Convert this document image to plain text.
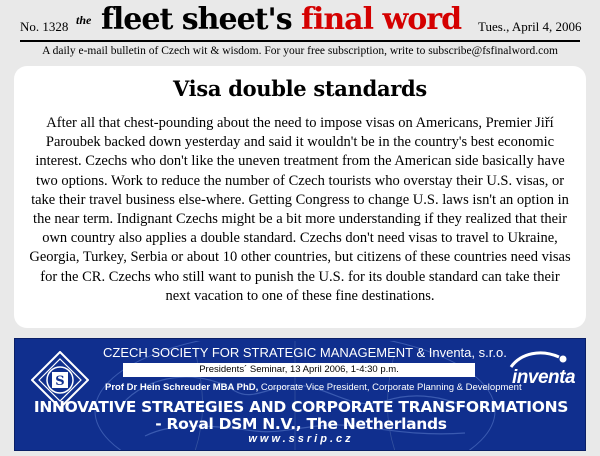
No. 1328 the fleet sheet's final word Tues., April 4, 2006
A daily e-mail bulletin of Czech wit & wisdom. For your free subscription, write to subscribe@fsfinalword.com
Visa double standards

After all that chest-pounding about the need to impose visas on Americans, Premier Jiří Paroubek backed down yesterday and said it wouldn't be in the country's best economic interest. Czechs who don't like the uneven treatment from the American side basically have two options. Work to reduce the number of Czech tourists who overstay their U.S. visas, or take their travel business else-where. Getting Congress to change U.S. laws isn't an option in the near term. Indignant Czechs might be a bit more understanding if they realized that their own country also applies a double standard. Czechs don't need visas to travel to Ukraine, Georgia, Turkey, Serbia or about 10 other countries, but citizens of these countries need visas for the CR. Czechs who still want to punish the U.S. for its double standard can take their next vacation to one of these fine destinations.

S	inventa
CZECH SOCIETY FOR STRATEGIC MANAGEMENT & Inventa, s.r.o.
Presidents´ Seminar, 13 April 2006, 1-4:30 p.m.
Prof Dr Hein Schreuder MBA PhD, Corporate Vice President, Corporate Planning & Development
INNOVATIVE STRATEGIES AND CORPORATE TRANSFORMATIONS
- Royal DSM N.V., The Netherlands
www.ssrip.cz
